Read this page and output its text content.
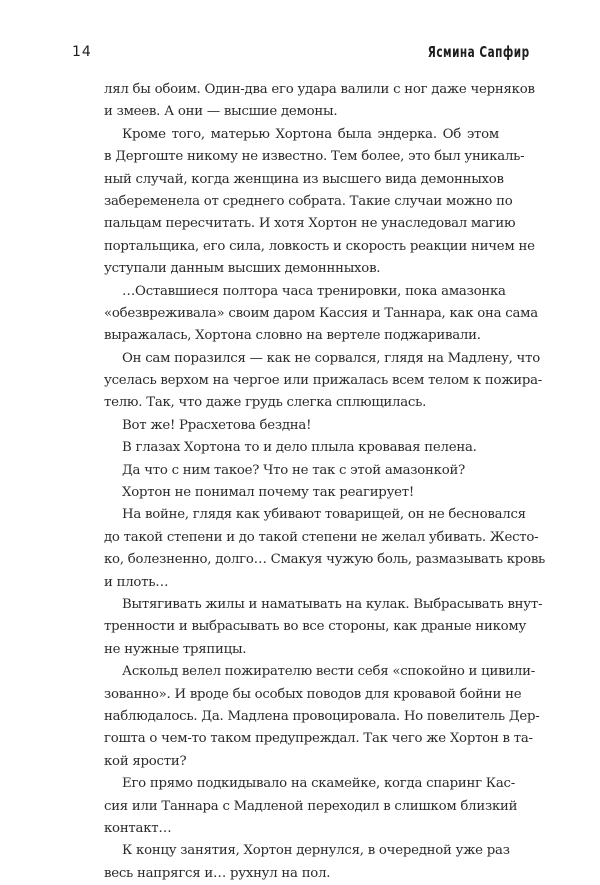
14	Ясмина Сапфир
лял бы обоим. Один-два его удара валили с ног даже черняков
и змеев. А они — высшие демоны.
Кроме того, матерью Хортона была эндерка. Об этом
в Дергоште никому не известно. Тем более, это был уникаль-
ный случай, когда женщина из высшего вида демонныхов
забеременела от среднего собрата. Такие случаи можно по
пальцам пересчитать. И хотя Хортон не унаследовал магию
портальщика, его сила, ловкость и скорость реакции ничем не
уступали данным высших демоннныхов.
…Оставшиеся полтора часа тренировки, пока амазонка
«обезвреживала» своим даром Кассия и Таннара, как она сама
выражалась, Хортона словно на вертеле поджаривали.
Он сам поразился — как не сорвался, глядя на Мадлену, что
уселась верхом на чергое или прижалась всем телом к пожира-
телю. Так, что даже грудь слегка сплющилась.
Вот же! Ррасхетова бездна!
В глазах Хортона то и дело плыла кровавая пелена.
Да что с ним такое? Что не так с этой амазонкой?
Хортон не понимал почему так реагирует!
На войне, глядя как убивают товарищей, он не бесновался
до такой степени и до такой степени не желал убивать. Жесто-
ко, болезненно, долго… Смакуя чужую боль, размазывать кровь
и плоть…
Вытягивать жилы и наматывать на кулак. Выбрасывать внут-
тренности и выбрасывать во все стороны, как драные никому
не нужные тряпицы.
Аскольд велел пожирателю вести себя «спокойно и цивили-
зованно». И вроде бы особых поводов для кровавой бойни не
наблюдалось. Да. Мадлена провоцировала. Но повелитель Дер-
гошта о чем-то таком предупреждал. Так чего же Хортон в та-
кой ярости?
Его прямо подкидывало на скамейке, когда спаринг Кас-
сия или Таннара с Мадленой переходил в слишком близкий
контакт…
К концу занятия, Хортон дернулся, в очередной уже раз
весь напрягся и… рухнул на пол.
